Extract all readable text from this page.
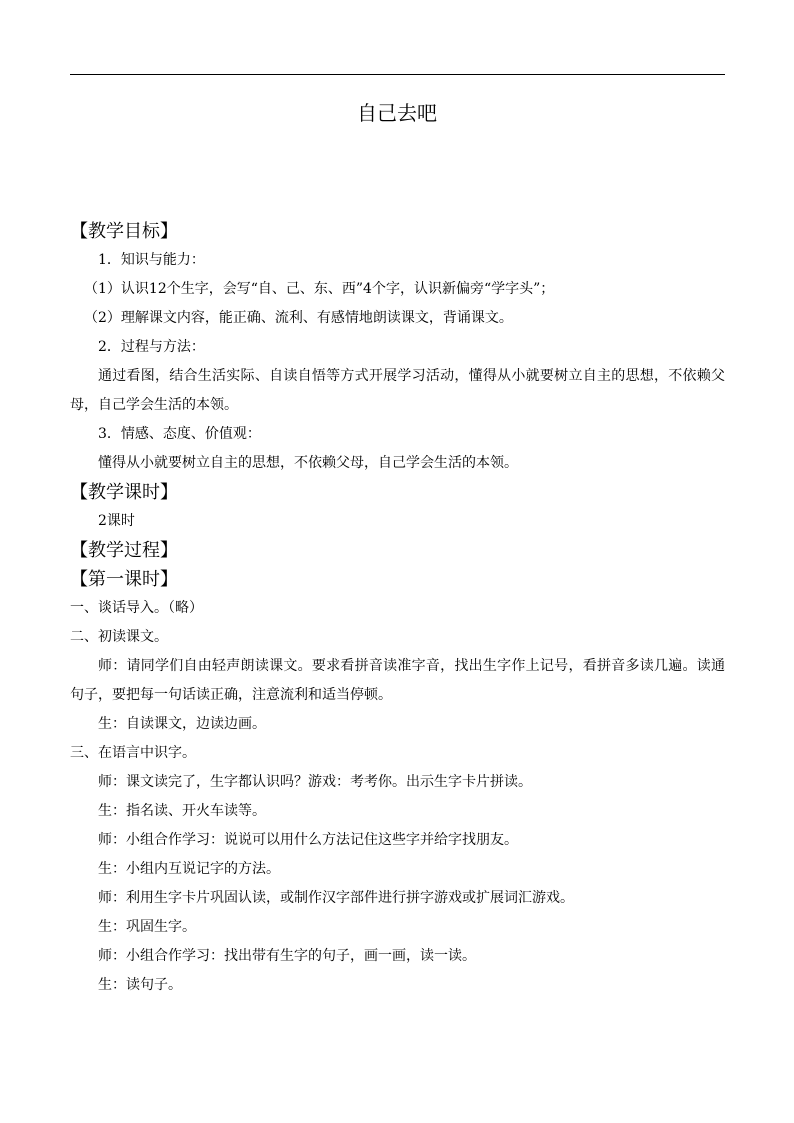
自己去吧
【教学目标】
1．知识与能力：
（1）认识12个生字，会写“自、己、东、西”4个字，认识新偏旁“学字头”；
（2）理解课文内容，能正确、流利、有感情地朗读课文，背诵课文。
2．过程与方法：
通过看图，结合生活实际、自读自悟等方式开展学习活动，懂得从小就要树立自主的思想，不依赖父母，自己学会生活的本领。
3．情感、态度、价值观：
懂得从小就要树立自主的思想，不依赖父母，自己学会生活的本领。
【教学课时】
2课时
【教学过程】
【第一课时】
一、谈话导入。（略）
二、初读课文。
师：请同学们自由轻声朗读课文。要求看拼音读准字音，找出生字作上记号，看拼音多读几遍。读通句子，要把每一句话读正确，注意流利和适当停顿。
生：自读课文，边读边画。
三、在语言中识字。
师：课文读完了，生字都认识吗？游戏：考考你。出示生字卡片拼读。
生：指名读、开火车读等。
师：小组合作学习：说说可以用什么方法记住这些字并给字找朋友。
生：小组内互说记字的方法。
师：利用生字卡片巩固认读，或制作汉字部件进行拼字游戏或扩展词汇游戏。
生：巩固生字。
师：小组合作学习：找出带有生字的句子，画一画，读一读。
生：读句子。
